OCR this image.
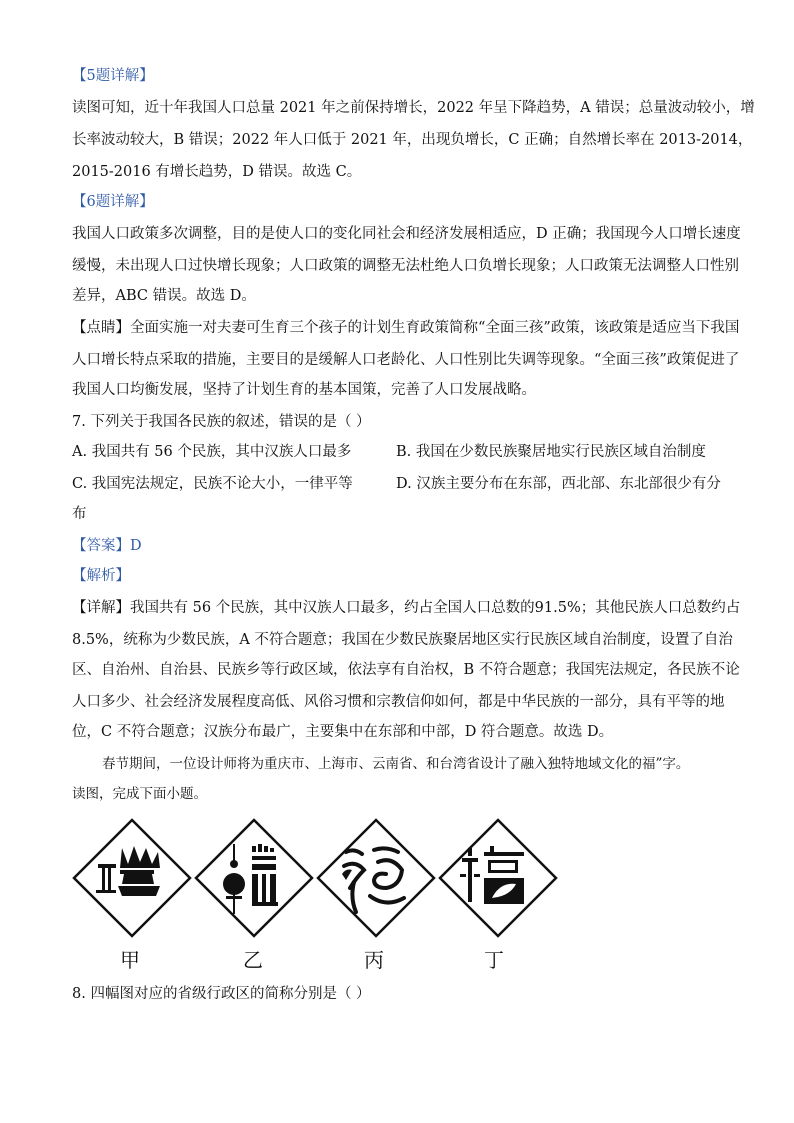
【5题详解】
读图可知，近十年我国人口总量 2021 年之前保持增长，2022 年呈下降趋势，A 错误；总量波动较小，增
长率波动较大，B 错误；2022 年人口低于 2021 年，出现负增长，C 正确；自然增长率在 2013-2014，
2015-2016 有增长趋势，D 错误。故选 C。
【6题详解】
我国人口政策多次调整，目的是使人口的变化同社会和经济发展相适应，D 正确；我国现今人口增长速度
缓慢，未出现人口过快增长现象；人口政策的调整无法杜绝人口负增长现象；人口政策无法调整人口性别
差异，ABC 错误。故选 D。
【点睛】全面实施一对夫妻可生育三个孩子的计划生育政策简称“全面三孩”政策，该政策是适应当下我国
人口增长特点采取的措施，主要目的是缓解人口老龄化、人口性别比失调等现象。“全面三孩”政策促进了
我国人口均衡发展，坚持了计划生育的基本国策，完善了人口发展战略。
7. 下列关于我国各民族的叙述，错误的是（ ）
A. 我国共有 56 个民族，其中汉族人口最多	B. 我国在少数民族聚居地实行民族区域自治制度
C. 我国宪法规定，民族不论大小，一律平等	D. 汉族主要分布在东部，西北部、东北部很少有分
布
【答案】D
【解析】
【详解】我国共有 56 个民族，其中汉族人口最多，约占全国人口总数的91.5%；其他民族人口总数约占
8.5%，统称为少数民族，A 不符合题意；我国在少数民族聚居地区实行民族区域自治制度，设置了自治
区、自治州、自治县、民族乡等行政区域，依法享有自治权，B 不符合题意；我国宪法规定，各民族不论
人口多少、社会经济发展程度高低、风俗习惯和宗教信仰如何，都是中华民族的一部分，具有平等的地
位，C 不符合题意；汉族分布最广，主要集中在东部和中部，D 符合题意。故选 D。
春节期间，一位设计师将为重庆市、上海市、云南省、和台湾省设计了融入独特地域文化的福”字。
读图，完成下面小题。
甲	乙	丙	丁
8. 四幅图对应的省级行政区的简称分别是（ ）
